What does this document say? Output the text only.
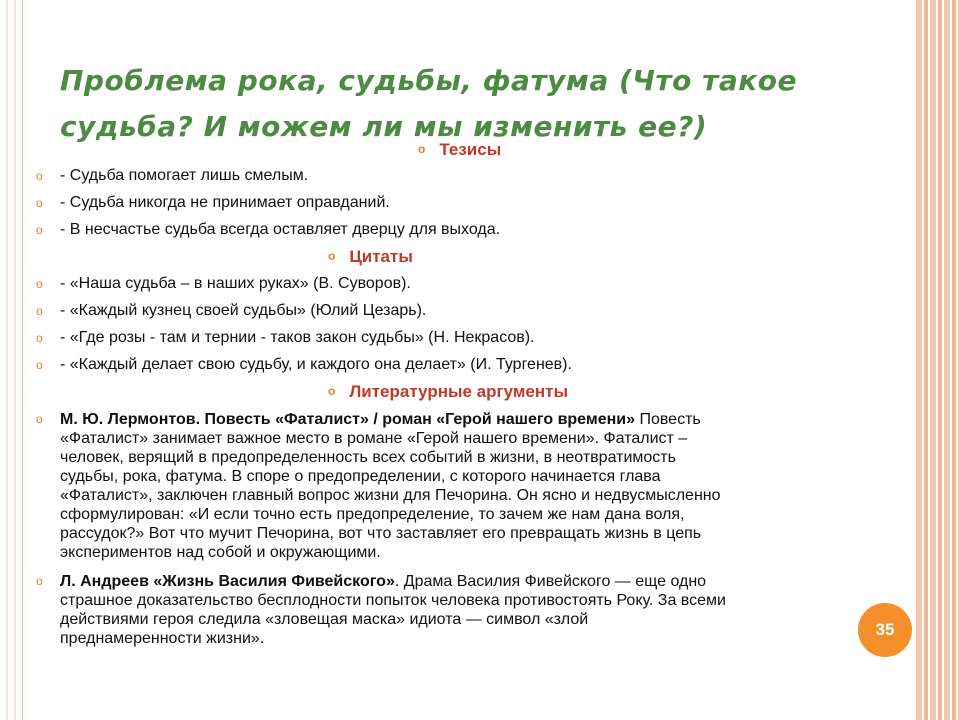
Проблема рока, судьбы, фатума (Что такое
судьба? И можем ли мы изменить ее?)
o Тезисы
o - Судьба помогает лишь смелым.
o - Судьба никогда не принимает оправданий.
o - В несчастье судьба всегда оставляет дверцу для выхода.
o Цитаты
o - «Наша судьба – в наших руках» (В. Суворов).
o - «Каждый кузнец своей судьбы» (Юлий Цезарь).
o - «Где розы - там и тернии - таков закон судьбы» (Н. Некрасов).
o - «Каждый делает свою судьбу, и каждого она делает» (И. Тургенев).
o Литературные аргументы
o М. Ю. Лермонтов. Повесть «Фаталист» / роман «Герой нашего времени» Повесть
«Фаталист» занимает важное место в романе «Герой нашего времени». Фаталист –
человек, верящий в предопределенность всех событий в жизни, в неотвратимость
судьбы, рока, фатума. В споре о предопределении, с которого начинается глава
«Фаталист», заключен главный вопрос жизни для Печорина. Он ясно и недвусмысленно
сформулирован: «И если точно есть предопределение, то зачем же нам дана воля,
рассудок?» Вот что мучит Печорина, вот что заставляет его превращать жизнь в цепь
экспериментов над собой и окружающими.
o Л. Андреев «Жизнь Василия Фивейского». Драма Василия Фивейского — еще одно
страшное доказательство бесплодности попыток человека противостоять Року. За всеми
действиями героя следила «зловещая маска» идиота — символ «злой
преднамеренности жизни».	35
